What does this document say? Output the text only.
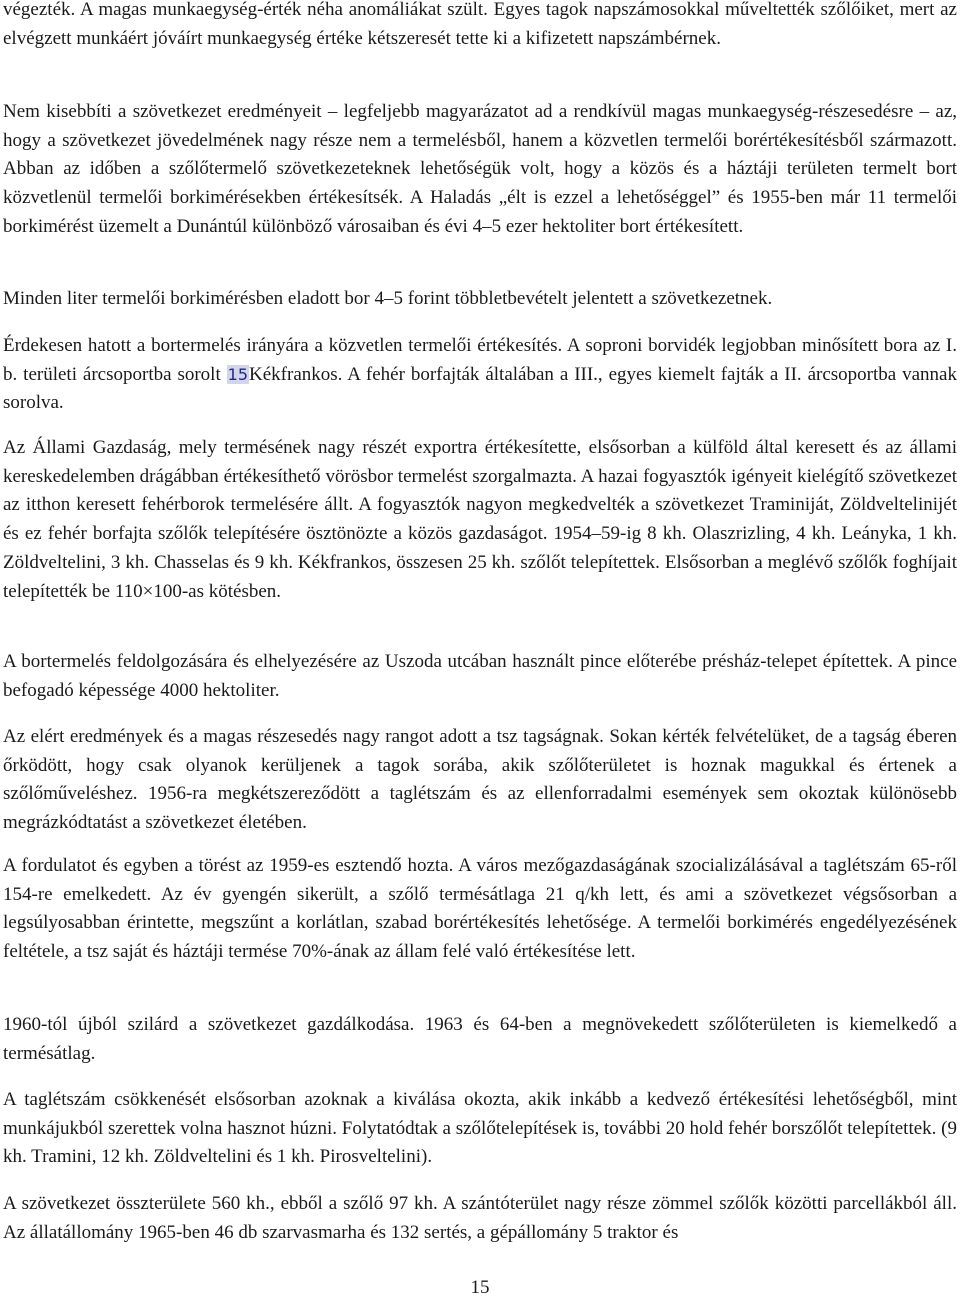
végezték. A magas munkaegység-érték néha anomáliákat szült. Egyes tagok napszámosokkal műveltették szőlőiket, mert az elvégzett munkáért jóváírt munkaegység értéke kétszeresét tette ki a kifizetett napszámbérnek.

Nem kisebbíti a szövetkezet eredményeit – legfeljebb magyarázatot ad a rendkívül magas munkaegység-részesedésre – az, hogy a szövetkezet jövedelmének nagy része nem a termelésből, hanem a közvetlen termelői borértékesítésből származott. Abban az időben a szőlőtermelő szövetkezeteknek lehetőségük volt, hogy a közös és a háztáji területen termelt bort közvetlenül termelői borkimérésekben értékesítsék. A Haladás „élt is ezzel a lehetőséggel” és 1955-ben már 11 termelői borkimérést üzemelt a Dunántúl különböző városaiban és évi 4–5 ezer hektoliter bort értékesített.

Minden liter termelői borkimérésben eladott bor 4–5 forint többletbevételt jelentett a szövetkezetnek.

Érdekesen hatott a bortermelés irányára a közvetlen termelői értékesítés. A soproni borvidék legjobban minősített bora az I. b. területi árcsoportba sorolt 15Kékfrankos. A fehér borfajták általában a III., egyes kiemelt fajták a II. árcsoportba vannak sorolva.

Az Állami Gazdaság, mely termésének nagy részét exportra értékesítette, elsősorban a külföld által keresett és az állami kereskedelemben drágábban értékesíthető vörösbor termelést szorgalmazta. A hazai fogyasztók igényeit kielégítő szövetkezet az itthon keresett fehérborok termelésére állt. A fogyasztók nagyon megkedvelték a szövetkezet Traminiját, Zöldveltelinijét és ez fehér borfajta szőlők telepítésére ösztönözte a közös gazdaságot. 1954–59-ig 8 kh. Olaszrizling, 4 kh. Leányka, 1 kh. Zöldveltelini, 3 kh. Chasselas és 9 kh. Kékfrankos, összesen 25 kh. szőlőt telepítettek. Elsősorban a meglévő szőlők foghíjait telepítették be 110×100-as kötésben.

A bortermelés feldolgozására és elhelyezésére az Uszoda utcában használt pince előterébe présház-telepet építettek. A pince befogadó képessége 4000 hektoliter.

Az elért eredmények és a magas részesedés nagy rangot adott a tsz tagságnak. Sokan kérték felvételüket, de a tagság éberen őrködött, hogy csak olyanok kerüljenek a tagok sorába, akik szőlőterületet is hoznak magukkal és értenek a szőlőműveléshez. 1956-ra megkétszereződött a taglétszám és az ellenforradalmi események sem okoztak különösebb megrázkódtatást a szövetkezet életében.

A fordulatot és egyben a törést az 1959-es esztendő hozta. A város mezőgazdaságának szocializálásával a taglétszám 65-ről 154-re emelkedett. Az év gyengén sikerült, a szőlő termésátlaga 21 q/kh lett, és ami a szövetkezet végsősorban a legsúlyosabban érintette, megszűnt a korlátlan, szabad borértékesítés lehetősége. A termelői borkimérés engedélyezésének feltétele, a tsz saját és háztáji termése 70%-ának az állam felé való értékesítése lett.

1960-tól újból szilárd a szövetkezet gazdálkodása. 1963 és 64-ben a megnövekedett szőlőterületen is kiemelkedő a termésátlag.

A taglétszám csökkenését elsősorban azoknak a kiválása okozta, akik inkább a kedvező értékesítési lehetőségből, mint munkájukból szerettek volna hasznot húzni. Folytatódtak a szőlőtelepítések is, további 20 hold fehér borszőlőt telepítettek. (9 kh. Tramini, 12 kh. Zöldveltelini és 1 kh. Pirosveltelini).

A szövetkezet összterülete 560 kh., ebből a szőlő 97 kh. A szántóterület nagy része zömmel szőlők közötti parcellákból áll. Az állatállomány 1965-ben 46 db szarvasmarha és 132 sertés, a gépállomány 5 traktor és

15
